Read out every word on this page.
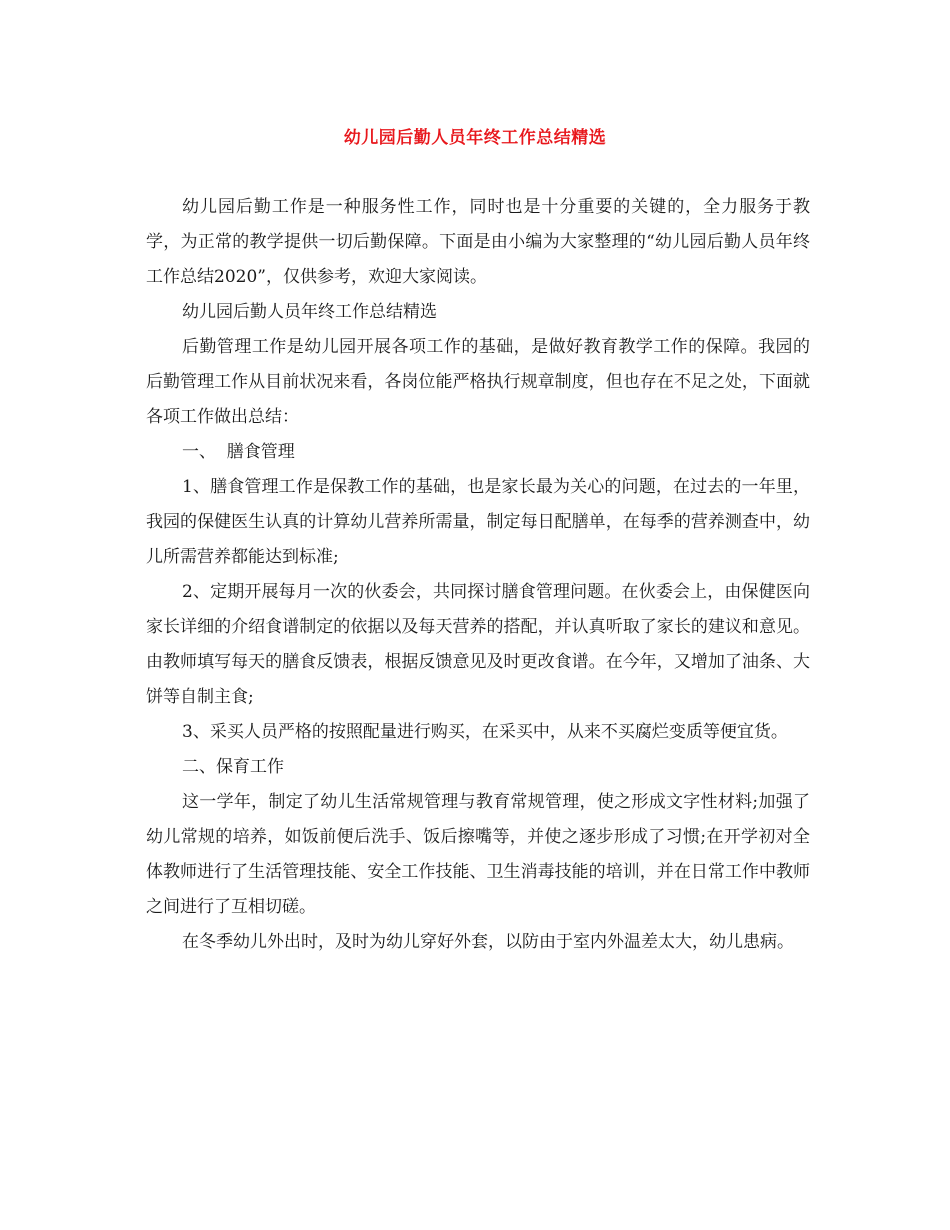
幼儿园后勤人员年终工作总结精选

幼儿园后勤工作是一种服务性工作，同时也是十分重要的关键的，全力服务于教学，为正常的教学提供一切后勤保障。下面是由小编为大家整理的“幼儿园后勤人员年终工作总结2020”，仅供参考，欢迎大家阅读。

幼儿园后勤人员年终工作总结精选

后勤管理工作是幼儿园开展各项工作的基础，是做好教育教学工作的保障。我园的后勤管理工作从目前状况来看，各岗位能严格执行规章制度，但也存在不足之处，下面就各项工作做出总结：

一、  膳食管理

1、膳食管理工作是保教工作的基础，也是家长最为关心的问题，在过去的一年里，我园的保健医生认真的计算幼儿营养所需量，制定每日配膳单，在每季的营养测查中，幼儿所需营养都能达到标准;

2、定期开展每月一次的伙委会，共同探讨膳食管理问题。在伙委会上，由保健医向家长详细的介绍食谱制定的依据以及每天营养的搭配，并认真听取了家长的建议和意见。由教师填写每天的膳食反馈表，根据反馈意见及时更改食谱。在今年，又增加了油条、大饼等自制主食;

3、采买人员严格的按照配量进行购买，在采买中，从来不买腐烂变质等便宜货。

二、保育工作

这一学年，制定了幼儿生活常规管理与教育常规管理，使之形成文字性材料;加强了幼儿常规的培养，如饭前便后洗手、饭后擦嘴等，并使之逐步形成了习惯;在开学初对全体教师进行了生活管理技能、安全工作技能、卫生消毒技能的培训，并在日常工作中教师之间进行了互相切磋。

在冬季幼儿外出时，及时为幼儿穿好外套，以防由于室内外温差太大，幼儿患病。
